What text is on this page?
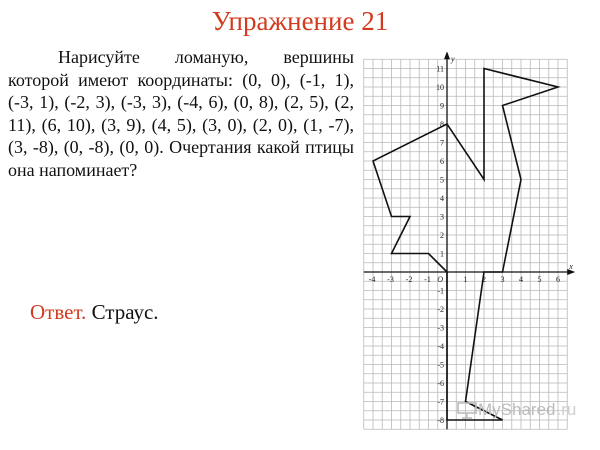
Упражнение 21
Нарисуйте ломаную, вершины которой имеют координаты: (0, 0), (-1, 1), (-3, 1), (-2, 3), (-3, 3), (-4, 6), (0, 8), (2, 5), (2, 11), (6, 10), (3, 9), (4, 5), (3, 0), (2, 0), (1, -7), (3, -8), (0, -8), (0, 0). Очертания какой птицы она напоминает?
Ответ. Страус.
-4 -3 -2 -1	1 2 3 4 5 6
-8
-7
-6
-5
-4
-3
-2
-1
1
2
3
4
5
6
7
8
9
10
11
O
x
y
MyShared .ru
